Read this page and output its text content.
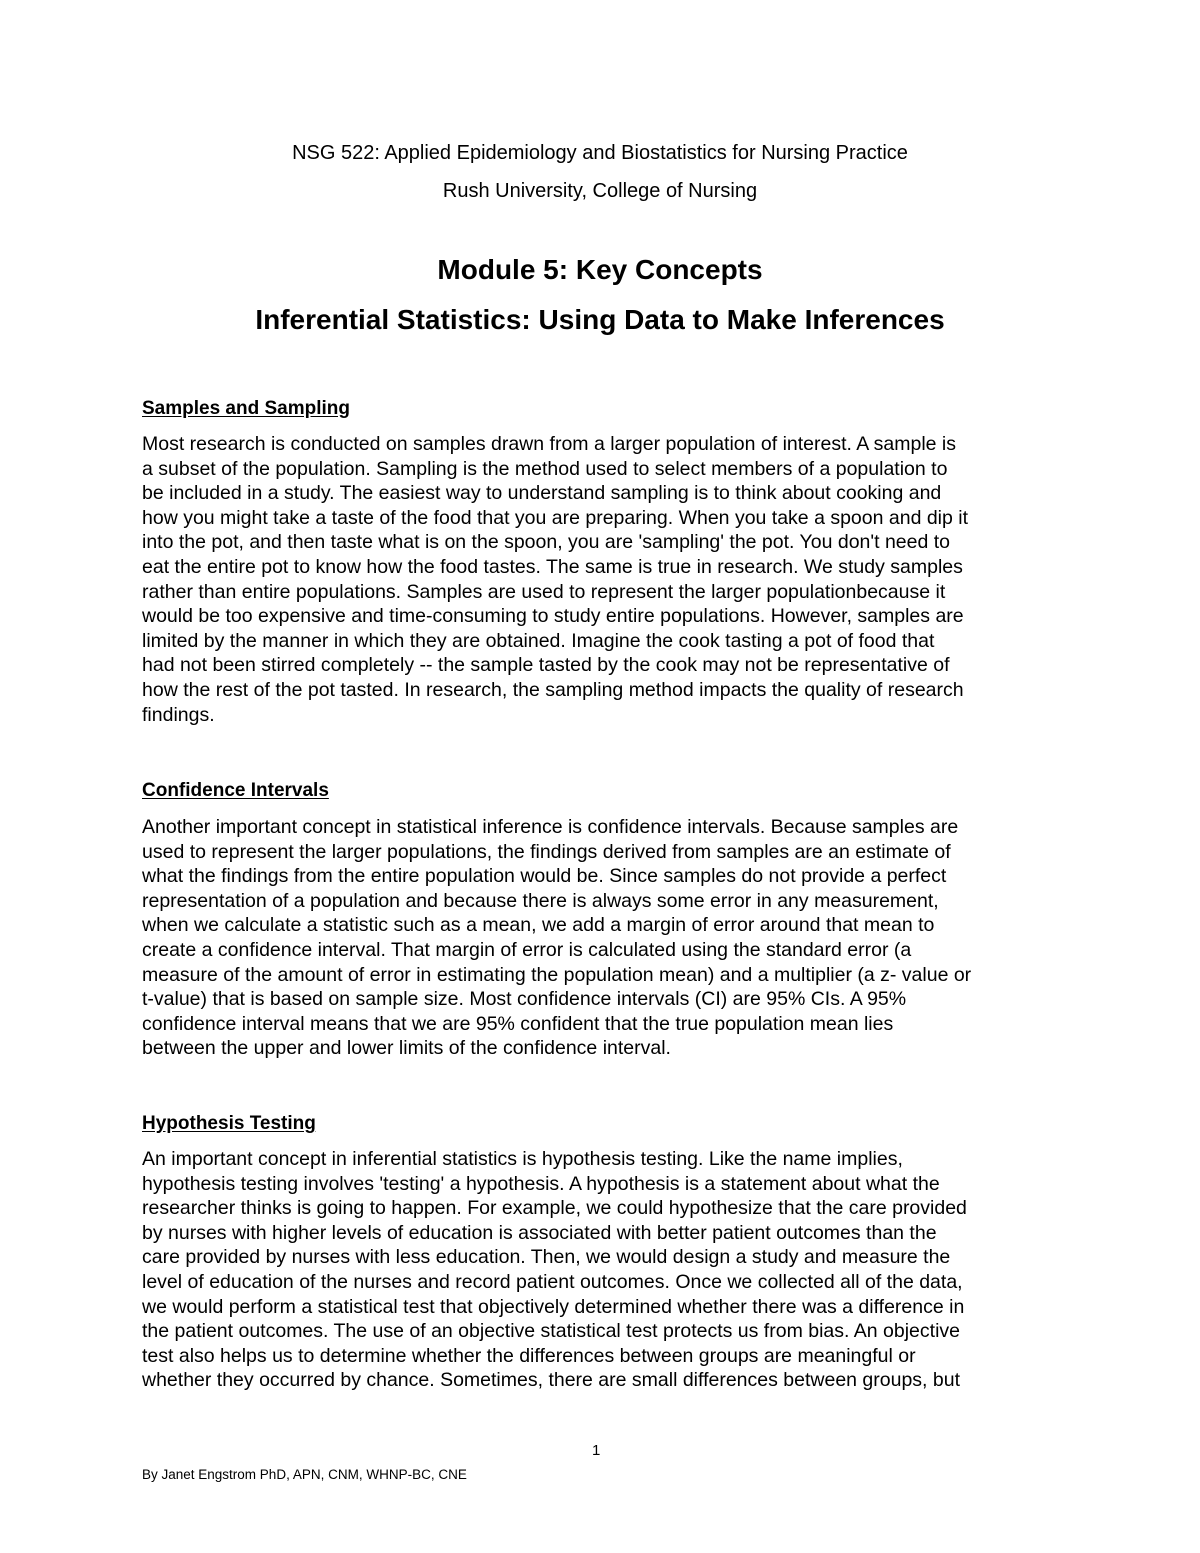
NSG 522: Applied Epidemiology and Biostatistics for Nursing Practice
Rush University, College of Nursing
Module 5: Key Concepts
Inferential Statistics: Using Data to Make Inferences
Samples and Sampling
Most research is conducted on samples drawn from a larger population of interest. A sample is
a subset of the population. Sampling is the method used to select members of a population to
be included in a study. The easiest way to understand sampling is to think about cooking and
how you might take a taste of the food that you are preparing. When you take a spoon and dip it
into the pot, and then taste what is on the spoon, you are 'sampling' the pot. You don't need to
eat the entire pot to know how the food tastes. The same is true in research. We study samples
rather than entire populations. Samples are used to represent the larger populationbecause it
would be too expensive and time-consuming to study entire populations. However, samples are
limited by the manner in which they are obtained. Imagine the cook tasting a pot of food that
had not been stirred completely -- the sample tasted by the cook may not be representative of
how the rest of the pot tasted. In research, the sampling method impacts the quality of research
findings.
Confidence Intervals
Another important concept in statistical inference is confidence intervals. Because samples are
used to represent the larger populations, the findings derived from samples are an estimate of
what the findings from the entire population would be. Since samples do not provide a perfect
representation of a population and because there is always some error in any measurement,
when we calculate a statistic such as a mean, we add a margin of error around that mean to
create a confidence interval. That margin of error is calculated using the standard error (a
measure of the amount of error in estimating the population mean) and a multiplier (a z- value or
t-value) that is based on sample size. Most confidence intervals (CI) are 95% CIs. A 95%
confidence interval means that we are 95% confident that the true population mean lies
between the upper and lower limits of the confidence interval.
Hypothesis Testing
An important concept in inferential statistics is hypothesis testing. Like the name implies,
hypothesis testing involves 'testing' a hypothesis. A hypothesis is a statement about what the
researcher thinks is going to happen. For example, we could hypothesize that the care provided
by nurses with higher levels of education is associated with better patient outcomes than the
care provided by nurses with less education. Then, we would design a study and measure the
level of education of the nurses and record patient outcomes. Once we collected all of the data,
we would perform a statistical test that objectively determined whether there was a difference in
the patient outcomes. The use of an objective statistical test protects us from bias. An objective
test also helps us to determine whether the differences between groups are meaningful or
whether they occurred by chance. Sometimes, there are small differences between groups, but
1
By Janet Engstrom PhD, APN, CNM, WHNP-BC, CNE
